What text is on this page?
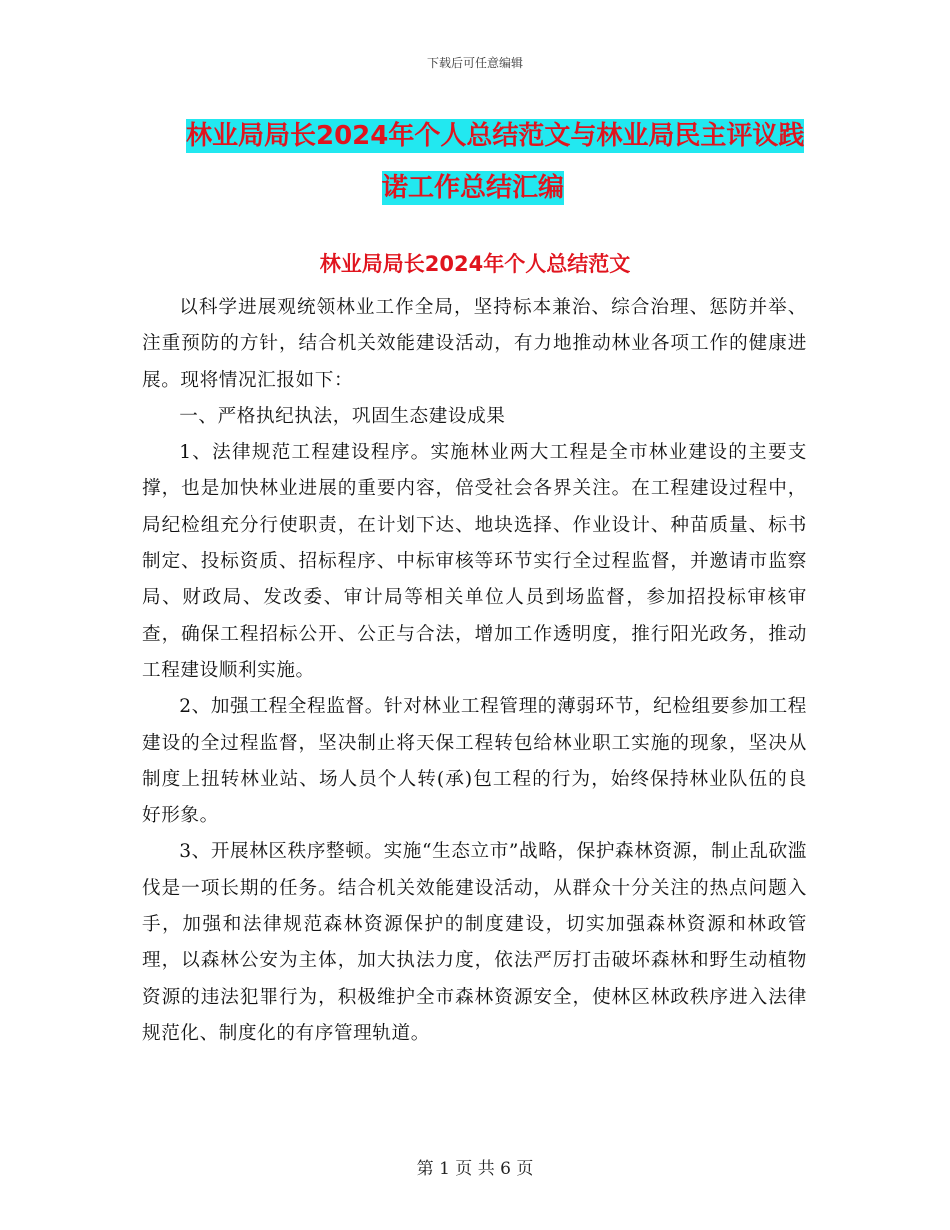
下载后可任意编辑
林业局局长2024年个人总结范文与林业局民主评议践
诺工作总结汇编
林业局局长2024年个人总结范文

以科学进展观统领林业工作全局，坚持标本兼治、综合治理、惩防并举、注重预防的方针，结合机关效能建设活动，有力地推动林业各项工作的健康进展。现将情况汇报如下：

一、严格执纪执法，巩固生态建设成果

1、法律规范工程建设程序。实施林业两大工程是全市林业建设的主要支撑，也是加快林业进展的重要内容，倍受社会各界关注。在工程建设过程中，局纪检组充分行使职责，在计划下达、地块选择、作业设计、种苗质量、标书制定、投标资质、招标程序、中标审核等环节实行全过程监督，并邀请市监察局、财政局、发改委、审计局等相关单位人员到场监督，参加招投标审核审查，确保工程招标公开、公正与合法，增加工作透明度，推行阳光政务，推动工程建设顺利实施。

2、加强工程全程监督。针对林业工程管理的薄弱环节，纪检组要参加工程建设的全过程监督，坚决制止将天保工程转包给林业职工实施的现象，坚决从制度上扭转林业站、场人员个人转(承)包工程的行为，始终保持林业队伍的良好形象。

3、开展林区秩序整顿。实施“生态立市”战略，保护森林资源，制止乱砍滥伐是一项长期的任务。结合机关效能建设活动，从群众十分关注的热点问题入手，加强和法律规范森林资源保护的制度建设，切实加强森林资源和林政管理，以森林公安为主体，加大执法力度，依法严厉打击破坏森林和野生动植物资源的违法犯罪行为，积极维护全市森林资源安全，使林区林政秩序进入法律规范化、制度化的有序管理轨道。

第 1 页 共 6 页
